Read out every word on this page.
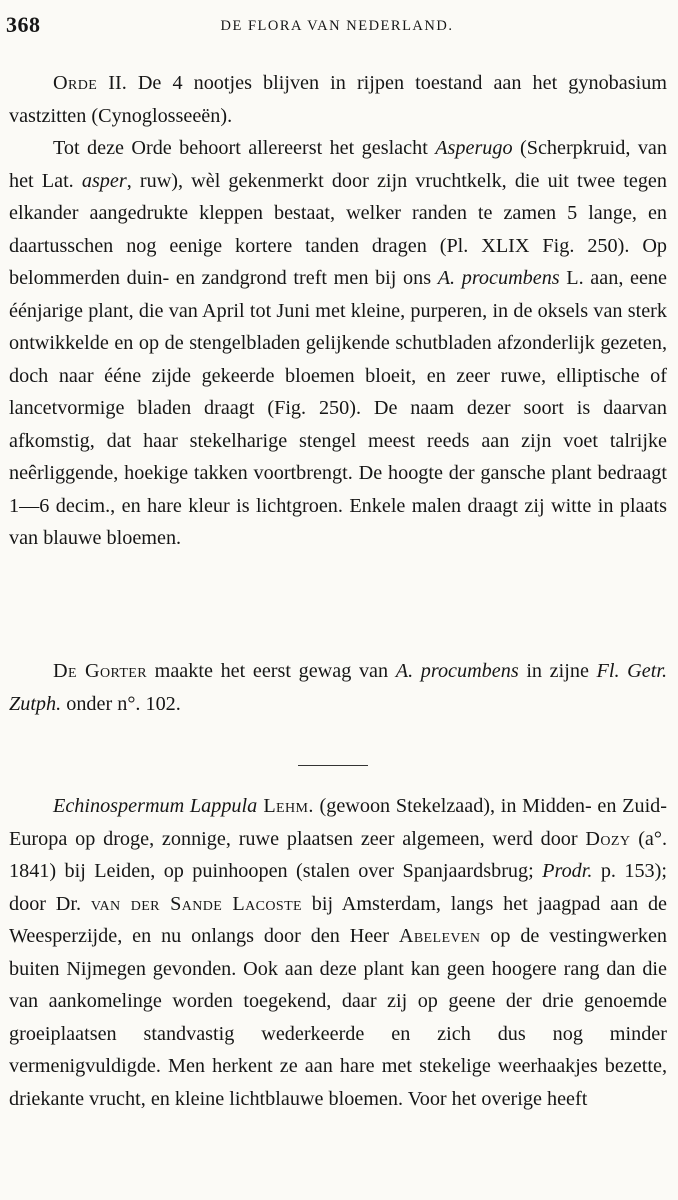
368	DE FLORA VAN NEDERLAND.

Orde II. De 4 nootjes blijven in rijpen toestand aan het gynobasium vastzitten (Cynoglosseeën).

Tot deze Orde behoort allereerst het geslacht Asperugo (Scherpkruid, van het Lat. asper, ruw), wèl gekenmerkt door zijn vruchtkelk, die uit twee tegen elkander aangedrukte kleppen bestaat, welker randen te zamen 5 lange, en daartusschen nog eenige kortere tanden dragen (Pl. XLIX Fig. 250). Op belommerden duin- en zandgrond treft men bij ons A. procumbens L. aan, eene éénjarige plant, die van April tot Juni met kleine, purperen, in de oksels van sterk ontwikkelde en op de stengelbladen gelijkende schutbladen afzonderlijk gezeten, doch naar ééne zijde gekeerde bloemen bloeit, en zeer ruwe, elliptische of lancetvormige bladen draagt (Fig. 250). De naam dezer soort is daarvan afkomstig, dat haar stekelharige stengel meest reeds aan zijn voet talrijke neêrliggende, hoekige takken voortbrengt. De hoogte der gansche plant bedraagt 1—6 decim., en hare kleur is lichtgroen. Enkele malen draagt zij witte in plaats van blauwe bloemen.

De Gorter maakte het eerst gewag van A. procumbens in zijne Fl. Getr. Zutph. onder n°. 102.

Echinospermum Lappula Lehm. (gewoon Stekelzaad), in Midden- en Zuid-Europa op droge, zonnige, ruwe plaatsen zeer algemeen, werd door Dozy (a°. 1841) bij Leiden, op puinhoopen (stalen over Spanjaardsbrug; Prodr. p. 153); door Dr. van der Sande Lacoste bij Amsterdam, langs het jaagpad aan de Weesperzijde, en nu onlangs door den Heer Abeleven op de vestingwerken buiten Nijmegen gevonden. Ook aan deze plant kan geen hoogere rang dan die van aankomelinge worden toegekend, daar zij op geene der drie genoemde groeiplaatsen standvastig wederkeerde en zich dus nog minder vermenigvuldigde. Men herkent ze aan hare met stekelige weerhaakjes bezette, driekante vrucht, en kleine lichtblauwe bloemen. Voor het overige heeft
